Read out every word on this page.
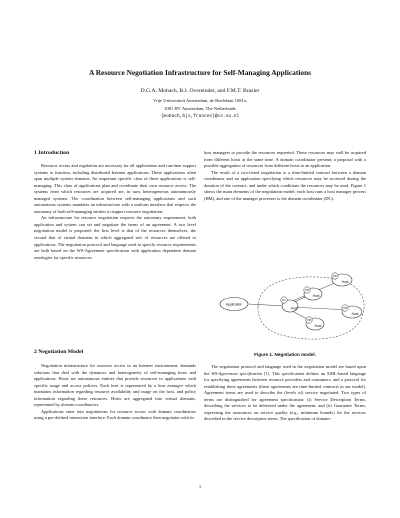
A Resource Negotiation Infrastructure for Self-Managing Applications
D.G.A. Mobach, B.J. Overeinder, and F.M.T. Brazier
Vrije Universiteit Amsterdam, de Boelelaan 1081a,
1081 HV Amsterdam, The Netherlands
{mobach,bjo,frances}@cs.vu.nl
1 Introduction

Resource access and regulation are necessary for all applications and run-time support systems to function, including distributed Internet applications. These applications often span multiple system domains. An important specific class of these applications is self-managing. This class of applications plan and coordinate their own resource access. The systems from which resources are acquired are, in turn, heterogeneous autonomously managed systems. The coordination between self-managing applications and such autonomous systems mandates an infrastructure with a uniform interface that respects the autonomy of both self-managing entities to support resource negotiation.

An infrastructure for resource negotiation respects the autonomy requirement: both application and system can set and negotiate the terms of an agreement. A two level negotiation model is proposed: the first level is that of the resources themselves, the second that of virtual domains in which aggregated sets of resources are offered to applications. The negotiation protocol and language used to specify resource requirements are both based on the WS-Agreement specification with application dependent domain ontologies for specific resources.

2 Negotiation Model

Negotiation infrastructure for resource access in an Internet environment, demands solutions that deal with the dynamics and heterogeneity of self-managing hosts and applications. Hosts are autonomous entities that provide resources to applications with specific usage and access policies. Each host is represented by a host manager which maintains information regarding resource availability and usage on the host, and policy information regarding these resources. Hosts are aggregated into virtual domains, represented by domain coordinators.

Applications enter into negotiations for resource access with domain coordinators using a pre-defined interaction interface. Each domain coordinator then negotiates with its

host managers to provide the resources requested. These resources may well be acquired from different hosts at the same time. A domain coordinator presents a proposal with a possible aggregation of resources from different hosts to an application.

The result of a two-tiered negotiation is a time-limited contract between a domain coordinator and an application specifying which resources may be accessed during the duration of the contract, and under which conditions the resources may be used. Figure 1 shows the main elements of the negotiation model: each host runs a host manager process (HM), and one of the manager processes is the domain coordinator (DC).

Application
Host
Host
Host
Host
Host
DC
HM
HM
HM
HM
Figure 1. Negotiation model.

The negotiation protocol and language used in the negotiation model are based upon the WS-Agreement specification [1]. This specification defines an XML-based language for specifying agreements between resource providers and consumers, and a protocol for establishing these agreements (these agreements are time-limited contracts in our model). Agreement terms are used to describe the (levels of) service negotiated. Two types of terms are distinguished for agreement specification: (i) Service Description Terms, describing the services to be delivered under the agreement, and (ii) Guarantee Terms, expressing the assurances on service quality (e.g., minimum bounds) for the services described in the service description terms. The specification of domain-

1
